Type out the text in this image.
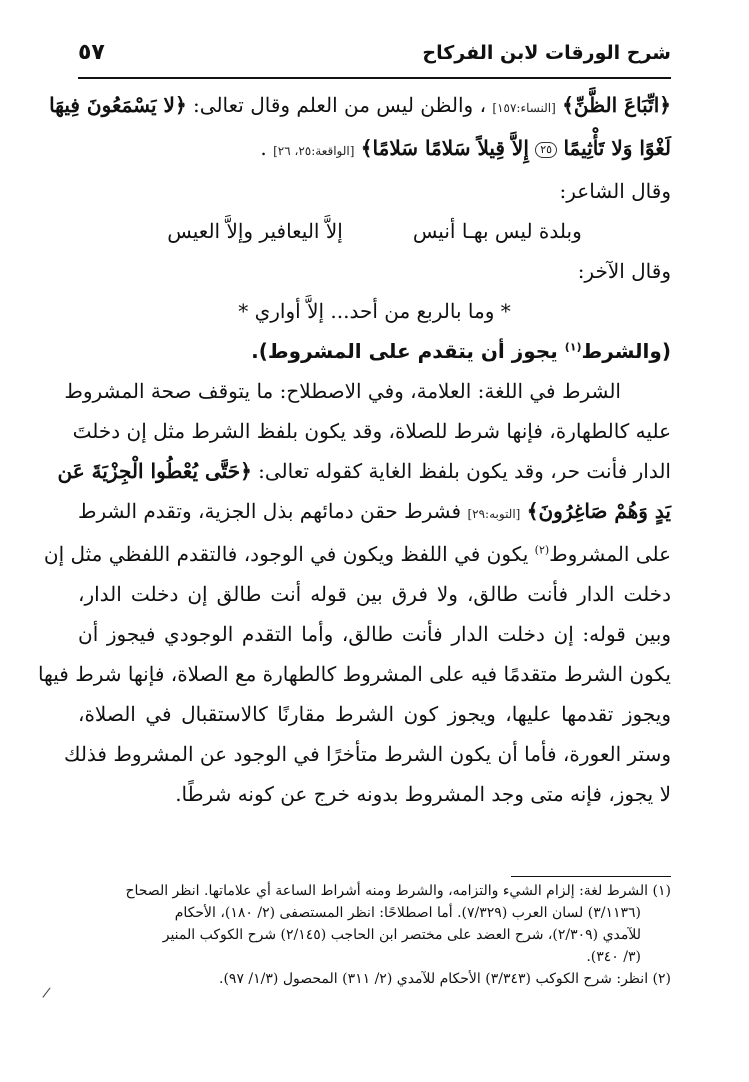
٥٧	شرح الورقات لابن الفركاح
﴿اتِّبَاعَ الظَّنِّ﴾ [النساء:١٥٧] ، والظن ليس من العلم وقال تعالى: ﴿لا يَسْمَعُونَ فِيهَا
لَغْوًا وَلا تَأْثِيمًا ٢٥ إِلاَّ قِيلاً سَلامًا سَلامًا﴾ [الواقعة:٢٥، ٢٦] .
وقال الشاعر:
وبلدة ليس بهـا أنيس
إلاَّ اليعافير وإلاَّ العيس
وقال الآخر:
* وما بالربع من أحد... إلاَّ أواري *
(والشرط$^{(١)}$ يجوز أن يتقدم على المشروط).
الشرط في اللغة: العلامة، وفي الاصطلاح: ما يتوقف صحة المشروط
عليه كالطهارة، فإنها شرط للصلاة، وقد يكون بلفظ الشرط مثل إن دخلتَ
الدار فأنت حر، وقد يكون بلفظ الغاية كقوله تعالى: ﴿حَتَّى يُعْطُوا الْجِزْيَةَ عَن
يَدٍ وَهُمْ صَاغِرُونَ﴾ [التوبه:٢٩] فشرط حقن دمائهم بذل الجزية، وتقدم الشرط
على المشروط$^{(٢)}$ يكون في اللفظ ويكون في الوجود، فالتقدم اللفظي مثل إن
دخلت الدار فأنت طالق، ولا فرق بين قوله أنت طالق إن دخلت الدار،
وبين قوله: إن دخلت الدار فأنت طالق، وأما التقدم الوجودي فيجوز أن
يكون الشرط متقدمًا فيه على المشروط كالطهارة مع الصلاة، فإنها شرط فيها
ويجوز تقدمها عليها، ويجوز كون الشرط مقارنًا كالاستقبال في الصلاة،
وستر العورة، فأما أن يكون الشرط متأخرًا في الوجود عن المشروط فذلك
لا يجوز، فإنه متى وجد المشروط بدونه خرج عن كونه شرطًا.
(١) الشرط لغة: إلزام الشيء والتزامه، والشرط ومنه أشراط الساعة أي علاماتها. انظر الصحاح
(٣/١١٣٦) لسان العرب (٧/٣٢٩). أما اصطلاحًا: انظر المستصفى (٢/ ١٨٠)، الأحكام
للآمدي (٢/٣٠٩)، شرح العضد على مختصر ابن الحاجب (٢/١٤٥) شرح الكوكب المنير
(٣/ ٣٤٠).
(٢) انظر: شرح الكوكب (٣/٣٤٣) الأحكام للآمدي (٢/ ٣١١) المحصول (١/٣/ ٩٧).
/
